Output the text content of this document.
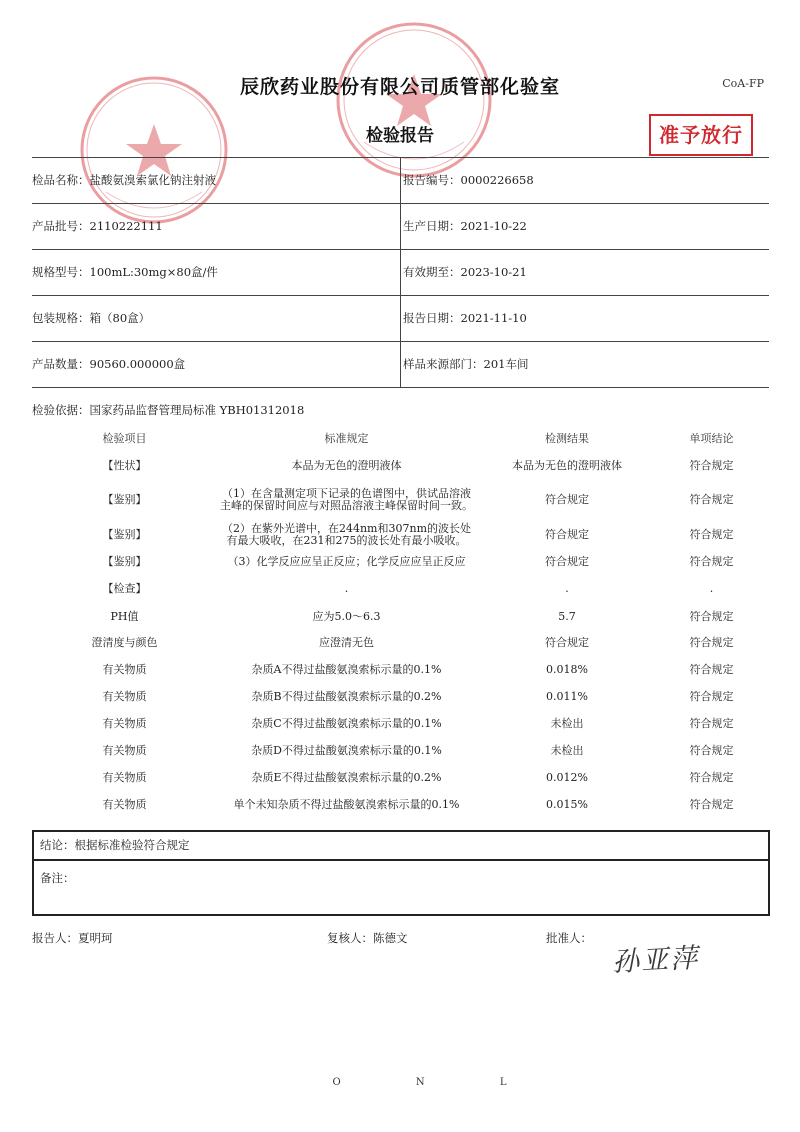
辰欣药业股份有限公司质管部化验室	CoA-FP
检验报告	准予放行
检品名称：盐酸氨溴索氯化钠注射液	报告编号：0000226658
产品批号：2110222111	生产日期：2021-10-22
规格型号：100mL:30mg×80盒/件	有效期至：2023-10-21
包装规格：箱（80盒）	报告日期：2021-11-10
产品数量：90560.000000盒	样品来源部门：201车间
检验依据：国家药品监督管理局标准 YBH01312018
检验项目	标准规定	检测结果	单项结论
【性状】	本品为无色的澄明液体	本品为无色的澄明液体	符合规定
【鉴别】	（1）在含量测定项下记录的色谱图中，供试品溶液主峰的保留时间应与对照品溶液主峰保留时间一致。	符合规定	符合规定
【鉴别】	（2）在紫外光谱中，在244nm和307nm的波长处有最大吸收，在231和275的波长处有最小吸收。	符合规定	符合规定
【鉴别】	（3）化学反应应呈正反应；化学反应应呈正反应	符合规定	符合规定
【检查】	.	.	.
PH值	应为5.0～6.3	5.7	符合规定
澄清度与颜色	应澄清无色	符合规定	符合规定
有关物质	杂质A不得过盐酸氨溴索标示量的0.1%	0.018%	符合规定
有关物质	杂质B不得过盐酸氨溴索标示量的0.2%	0.011%	符合规定
有关物质	杂质C不得过盐酸氨溴索标示量的0.1%	未检出	符合规定
有关物质	杂质D不得过盐酸氨溴索标示量的0.1%	未检出	符合规定
有关物质	杂质E不得过盐酸氨溴索标示量的0.2%	0.012%	符合规定
有关物质	单个未知杂质不得过盐酸氨溴索标示量的0.1%	0.015%	符合规定
结论：根据标准检验符合规定
备注：
报告人：夏明珂	复核人：陈德文	批准人：
孙亚萍
O N L
